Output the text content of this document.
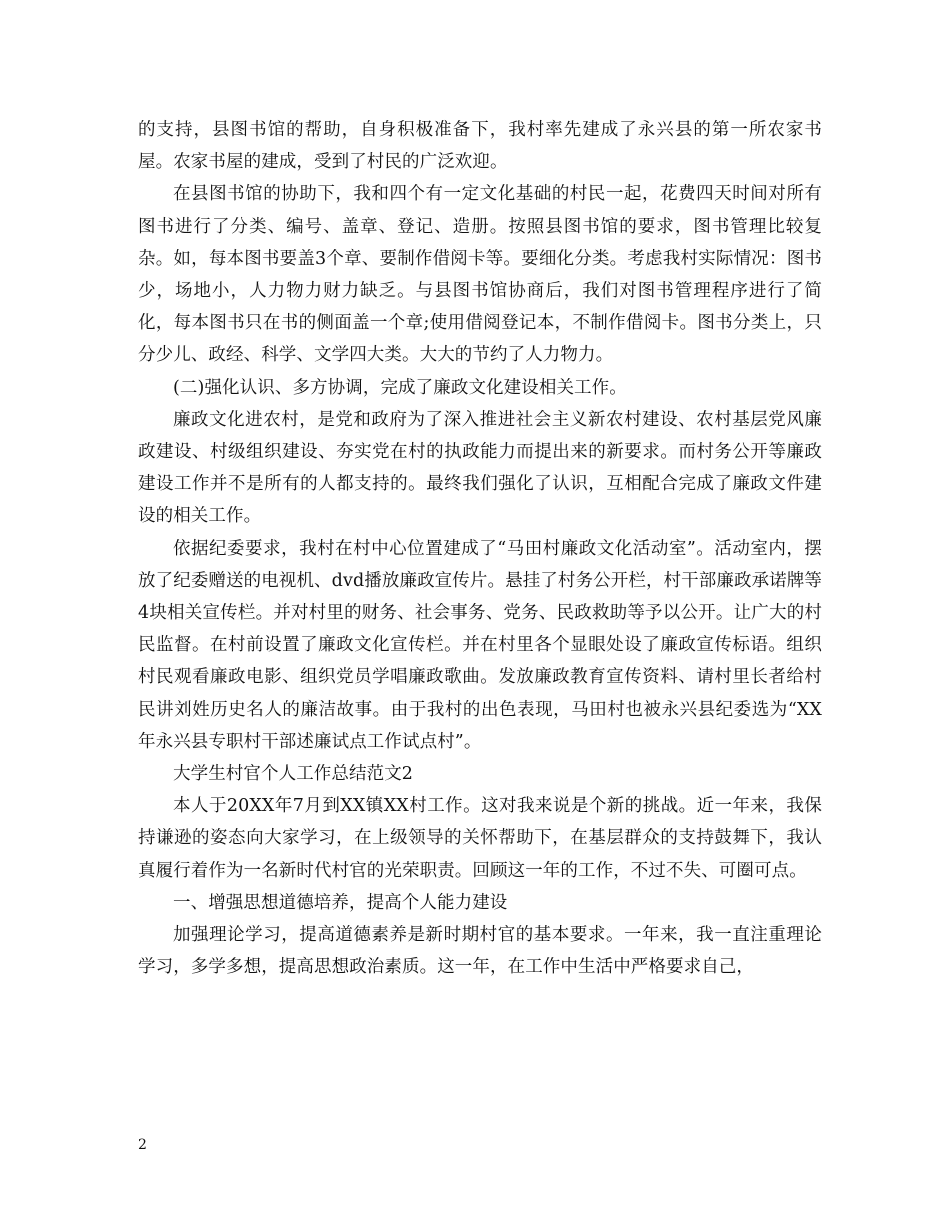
的支持，县图书馆的帮助，自身积极准备下，我村率先建成了永兴县的第一所农家书屋。农家书屋的建成，受到了村民的广泛欢迎。

在县图书馆的协助下，我和四个有一定文化基础的村民一起，花费四天时间对所有图书进行了分类、编号、盖章、登记、造册。按照县图书馆的要求，图书管理比较复杂。如，每本图书要盖3个章、要制作借阅卡等。要细化分类。考虑我村实际情况：图书少，场地小，人力物力财力缺乏。与县图书馆协商后，我们对图书管理程序进行了简化，每本图书只在书的侧面盖一个章;使用借阅登记本，不制作借阅卡。图书分类上，只分少儿、政经、科学、文学四大类。大大的节约了人力物力。

(二)强化认识、多方协调，完成了廉政文化建设相关工作。

廉政文化进农村，是党和政府为了深入推进社会主义新农村建设、农村基层党风廉政建设、村级组织建设、夯实党在村的执政能力而提出来的新要求。而村务公开等廉政建设工作并不是所有的人都支持的。最终我们强化了认识，互相配合完成了廉政文件建设的相关工作。

依据纪委要求，我村在村中心位置建成了“马田村廉政文化活动室”。活动室内，摆放了纪委赠送的电视机、dvd播放廉政宣传片。悬挂了村务公开栏，村干部廉政承诺牌等4块相关宣传栏。并对村里的财务、社会事务、党务、民政救助等予以公开。让广大的村民监督。在村前设置了廉政文化宣传栏。并在村里各个显眼处设了廉政宣传标语。组织村民观看廉政电影、组织党员学唱廉政歌曲。发放廉政教育宣传资料、请村里长者给村民讲刘姓历史名人的廉洁故事。由于我村的出色表现，马田村也被永兴县纪委选为“XX年永兴县专职村干部述廉试点工作试点村”。

大学生村官个人工作总结范文2

本人于20XX年7月到XX镇XX村工作。这对我来说是个新的挑战。近一年来，我保持谦逊的姿态向大家学习，在上级领导的关怀帮助下，在基层群众的支持鼓舞下，我认真履行着作为一名新时代村官的光荣职责。回顾这一年的工作，不过不失、可圈可点。

一、增强思想道德培养，提高个人能力建设

加强理论学习，提高道德素养是新时期村官的基本要求。一年来，我一直注重理论学习，多学多想，提高思想政治素质。这一年，在工作中生活中严格要求自己，

2
